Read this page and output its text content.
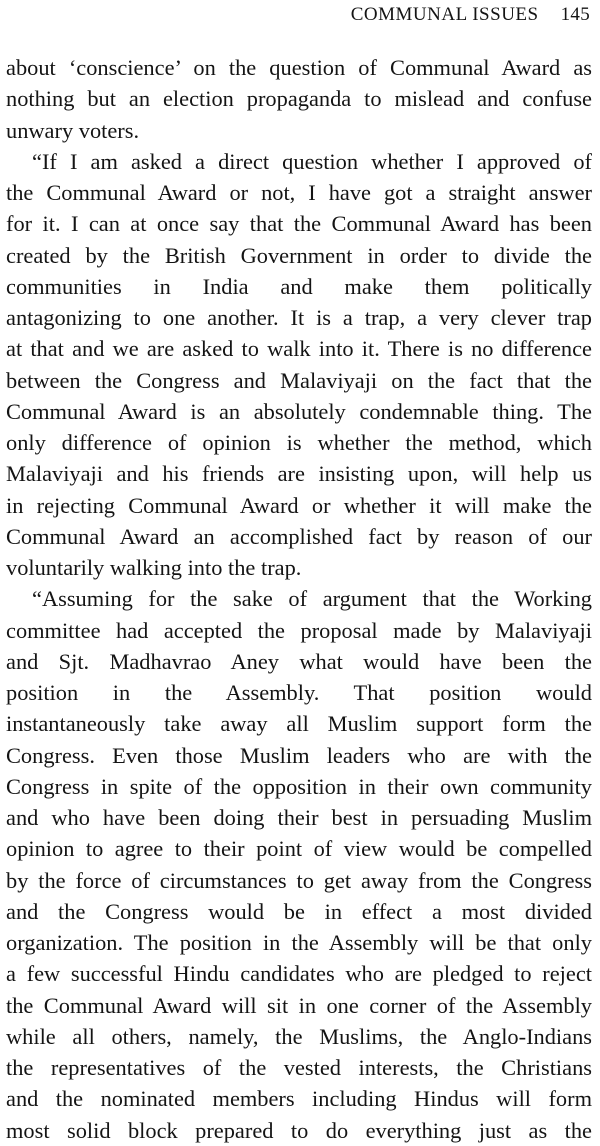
COMMUNAL ISSUES 145
about ‘conscience’ on the question of Communal Award as
nothing but an election propaganda to mislead and confuse
unwary voters.
“If I am asked a direct question whether I approved of
the Communal Award or not, I have got a straight answer
for it. I can at once say that the Communal Award has been
created by the British Government in order to divide the
communities in India and make them politically
antagonizing to one another. It is a trap, a very clever trap
at that and we are asked to walk into it. There is no difference
between the Congress and Malaviyaji on the fact that the
Communal Award is an absolutely condemnable thing. The
only difference of opinion is whether the method, which
Malaviyaji and his friends are insisting upon, will help us
in rejecting Communal Award or whether it will make the
Communal Award an accomplished fact by reason of our
voluntarily walking into the trap.
“Assuming for the sake of argument that the Working
committee had accepted the proposal made by Malaviyaji
and Sjt. Madhavrao Aney what would have been the
position in the Assembly. That position would
instantaneously take away all Muslim support form the
Congress. Even those Muslim leaders who are with the
Congress in spite of the opposition in their own community
and who have been doing their best in persuading Muslim
opinion to agree to their point of view would be compelled
by the force of circumstances to get away from the Congress
and the Congress would be in effect a most divided
organization. The position in the Assembly will be that only
a few successful Hindu candidates who are pledged to reject
the Communal Award will sit in one corner of the Assembly
while all others, namely, the Muslims, the Anglo-Indians
the representatives of the vested interests, the Christians
and the nominated members including Hindus will form
most solid block prepared to do everything just as the
